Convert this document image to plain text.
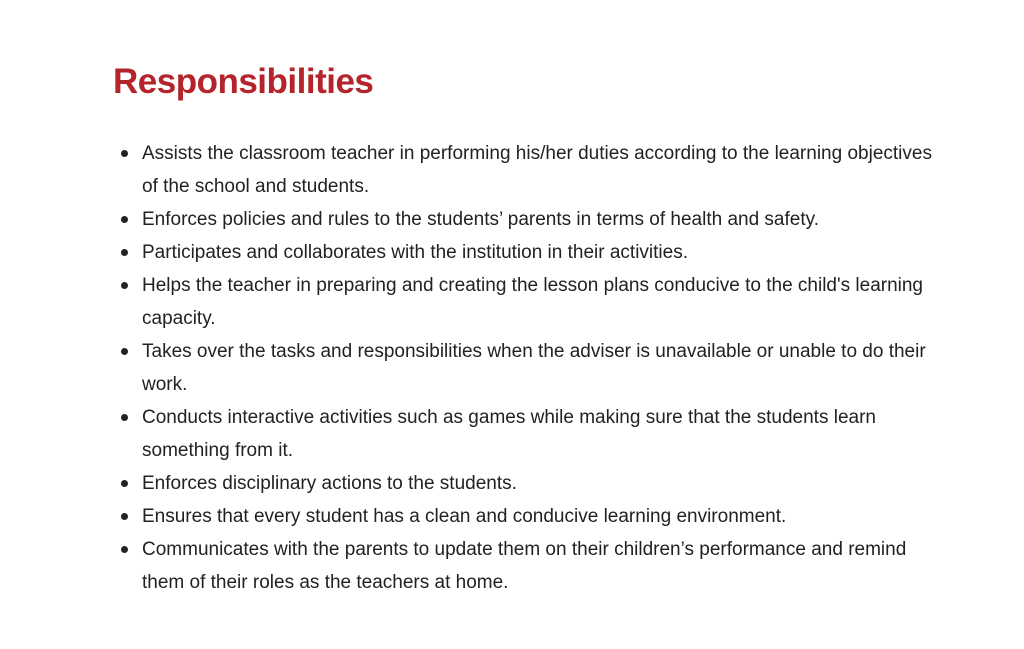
Responsibilities
Assists the classroom teacher in performing his/her duties according to the learning objectives of the school and students.
Enforces policies and rules to the students’ parents in terms of health and safety.
Participates and collaborates with the institution in their activities.
Helps the teacher in preparing and creating the lesson plans conducive to the child's learning capacity.
Takes over the tasks and responsibilities when the adviser is unavailable or unable to do their work.
Conducts interactive activities such as games while making sure that the students learn something from it.
Enforces disciplinary actions to the students.
Ensures that every student has a clean and conducive learning environment.
Communicates with the parents to update them on their children’s performance and remind them of their roles as the teachers at home.
